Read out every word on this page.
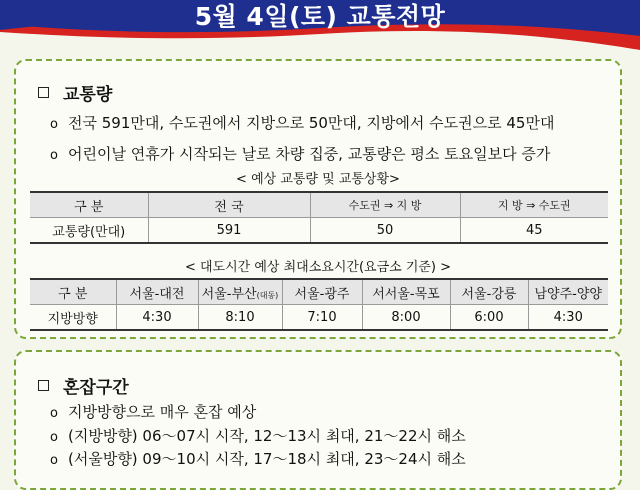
5월 4일(토) 교통전망
교통량
o 전국 591만대, 수도권에서 지방으로 50만대, 지방에서 수도권으로 45만대
o 어린이날 연휴가 시작되는 날로 차량 집중, 교통량은 평소 토요일보다 증가
< 예상 교통량 및 교통상황>
구 분	전 국	수도권 ⇒ 지 방	지 방 ⇒ 수도권
교통량(만대)	591	50	45
< 대도시간 예상 최대소요시간(요금소 기준) >
구 분	서울-대전	서울-부산(대동)	서울-광주	서서울-목포	서울-강릉	남양주-양양
지방방향	4:30	8:10	7:10	8:00	6:00	4:30
혼잡구간
o 지방방향으로 매우 혼잡 예상
o (지방방향) 06～07시 시작, 12～13시 최대, 21～22시 해소
o (서울방향) 09～10시 시작, 17～18시 최대, 23～24시 해소
